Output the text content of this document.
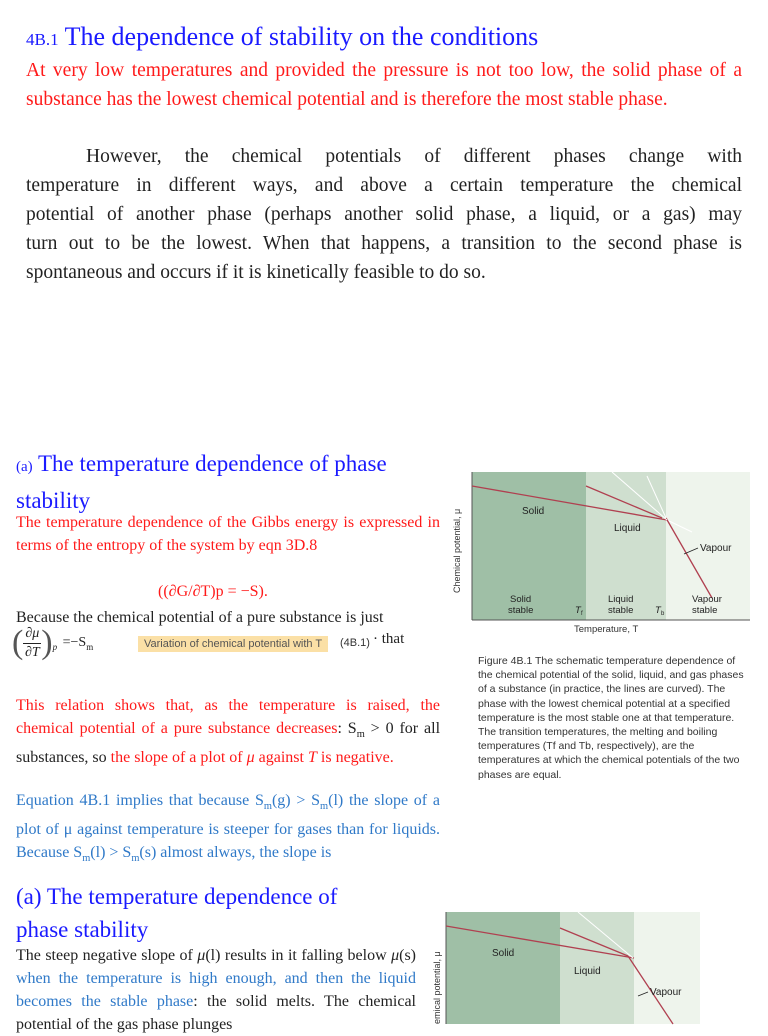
4B.1 The dependence of stability on the conditions
At very low temperatures and provided the pressure is not too low, the solid phase of a substance has the lowest chemical potential and is therefore the most stable phase.
However, the chemical potentials of different phases change with
temperature in different ways, and above a certain temperature the chemical
potential of another phase (perhaps another solid phase, a liquid, or a gas) may
turn out to be the lowest. When that happens, a transition to the second phase is
spontaneous and occurs if it is kinetically feasible to do so.
(a) The temperature dependence of phase stability
The temperature dependence of the Gibbs energy is expressed in terms of the entropy of the system by eqn 3D.8
((∂G/∂T)p = −S).
Because the chemical potential of a pure substance is just
( $\frac{\partial\mu}{\partial T} )_p =-S_m$	Variation of chemical potential with T	(4B.1) · that
This relation shows that, as the temperature is raised, the chemical potential of a pure substance decreases: $S_m > 0$ for all substances, so the slope of a plot of μ against T is negative.
Equation 4B.1 implies that because $S_m(g) > S_m(l)$ the slope of a plot of μ against temperature is steeper for gases than for liquids. Because $S_m(l) > S_m(s)$ almost always, the slope is
Chemical potential, μ	Solid
Liquid
Vapour
Solid
stable
Liquid
stable
Vapour
stable
T f	T b
Temperature, T
Figure 4B.1 The schematic temperature dependence of the chemical potential of the solid, liquid, and gas phases of a substance (in practice, the lines are curved). The phase with the lowest chemical potential at a specified temperature is the most stable one at that temperature. The transition temperatures, the melting and boiling temperatures (Tf and Tb, respectively), are the temperatures at which the chemical potentials of the two phases are equal.
(a) The temperature dependence of
phase stability
The steep negative slope of μ(l) results in it falling below μ(s) when the temperature is high enough, and then the liquid becomes the stable phase: the solid melts. The chemical potential of the gas phase plunges
emical potential, μ	Solid
Liquid
Vapour
